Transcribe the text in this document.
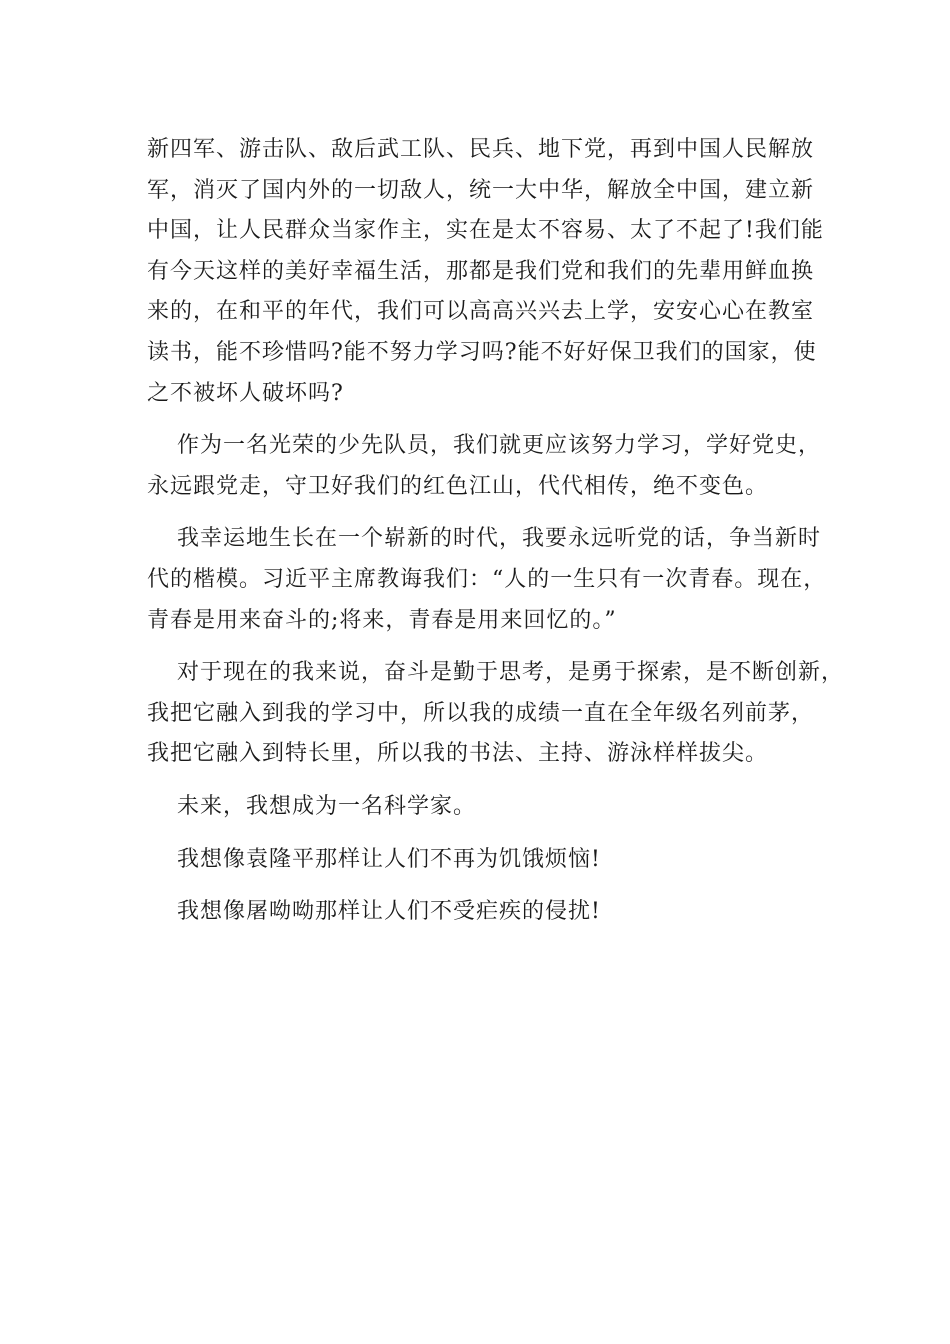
新四军、游击队、敌后武工队、民兵、地下党，再到中国人民解放
军，消灭了国内外的一切敌人，统一大中华，解放全中国，建立新
中国，让人民群众当家作主，实在是太不容易、太了不起了!我们能
有今天这样的美好幸福生活，那都是我们党和我们的先辈用鲜血换
来的，在和平的年代，我们可以高高兴兴去上学，安安心心在教室
读书，能不珍惜吗?能不努力学习吗?能不好好保卫我们的国家，使
之不被坏人破坏吗?
作为一名光荣的少先队员，我们就更应该努力学习，学好党史，
永远跟党走，守卫好我们的红色江山，代代相传，绝不变色。
我幸运地生长在一个崭新的时代，我要永远听党的话，争当新时
代的楷模。习近平主席教诲我们：“人的一生只有一次青春。现在，
青春是用来奋斗的;将来，青春是用来回忆的。”
对于现在的我来说，奋斗是勤于思考，是勇于探索，是不断创新，
我把它融入到我的学习中，所以我的成绩一直在全年级名列前茅，
我把它融入到特长里，所以我的书法、主持、游泳样样拔尖。
未来，我想成为一名科学家。
我想像袁隆平那样让人们不再为饥饿烦恼!
我想像屠呦呦那样让人们不受疟疾的侵扰!
